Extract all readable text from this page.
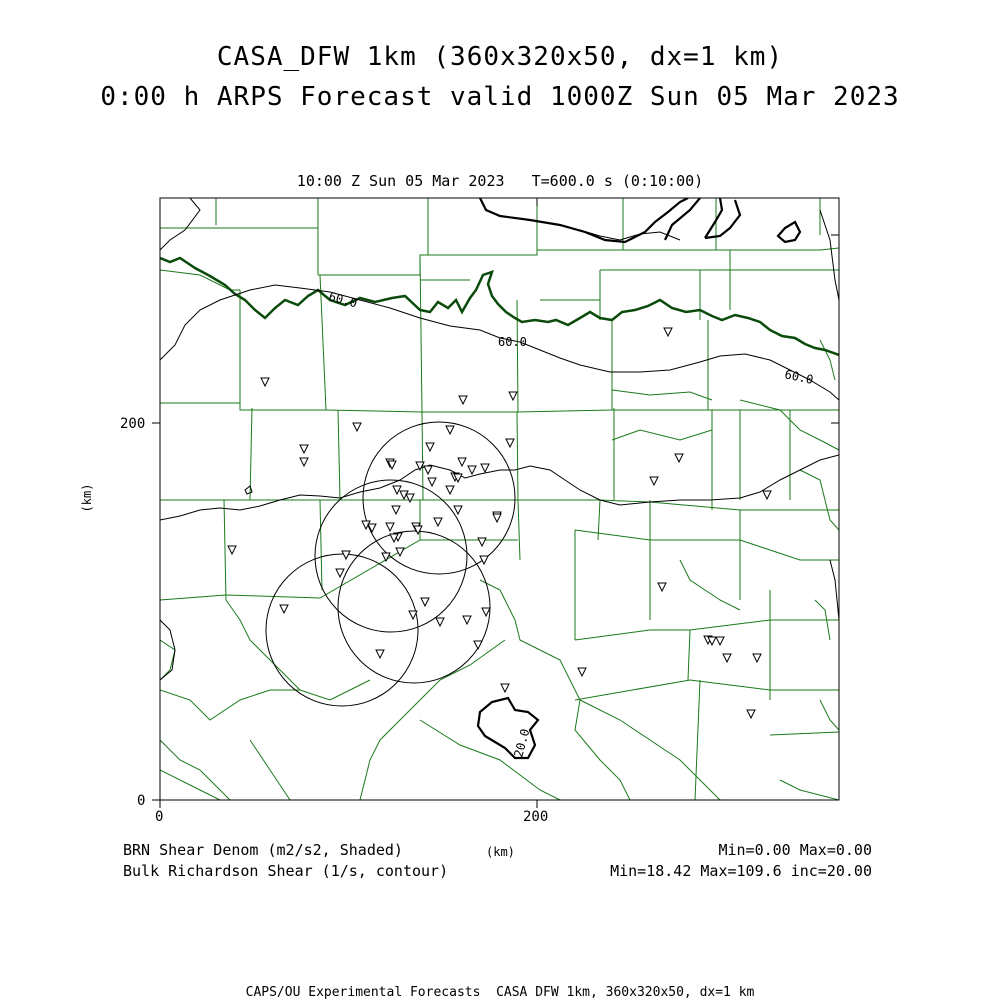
CASA_DFW 1km (360x320x50, dx=1 km)
0:00 h ARPS Forecast valid 1000Z Sun 05 Mar 2023
10:00 Z Sun 05 Mar 2023   T=600.0 s (0:10:00)
60.0
60.0
60.0
20.0
0	200
0
200
(km)
BRN Shear Denom (m2/s2, Shaded)
Bulk Richardson Shear (1/s, contour)
(km)	Min=0.00 Max=0.00
Min=18.42 Max=109.6 inc=20.00
CAPS/OU Experimental Forecasts  CASA DFW 1km, 360x320x50, dx=1 km
